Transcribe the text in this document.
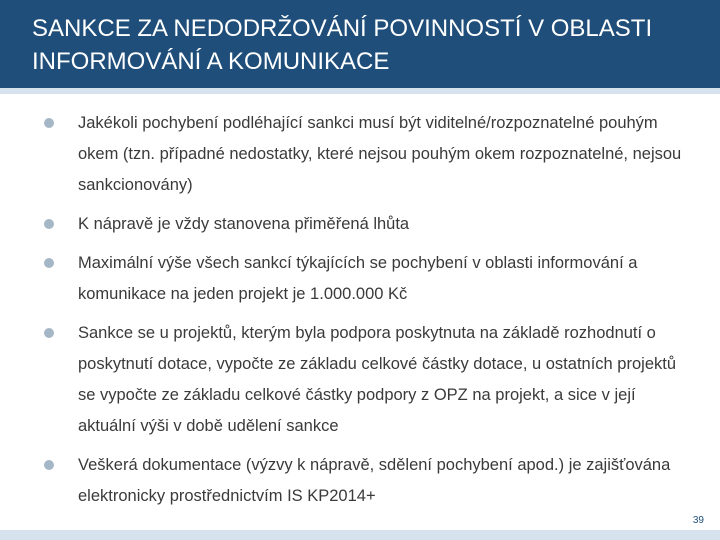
SANKCE ZA NEDODRŽOVÁNÍ POVINNOSTÍ V OBLASTI INFORMOVÁNÍ A KOMUNIKACE
Jakékoli pochybení podléhající sankci musí být viditelné/rozpoznatelné pouhým okem (tzn. případné nedostatky, které nejsou pouhým okem rozpoznatelné, nejsou sankcionovány)
K nápravě je vždy stanovena přiměřená lhůta
Maximální výše všech sankcí týkajících se pochybení v oblasti informování a komunikace na jeden projekt je 1.000.000 Kč
Sankce se u projektů, kterým byla podpora poskytnuta na základě rozhodnutí o poskytnutí dotace, vypočte ze základu celkové částky dotace, u ostatních projektů se vypočte ze základu celkové částky podpory z OPZ na projekt, a sice v její aktuální výši v době udělení sankce
Veškerá dokumentace (výzvy k nápravě, sdělení pochybení apod.) je zajišťována elektronicky prostřednictvím IS KP2014+
39
